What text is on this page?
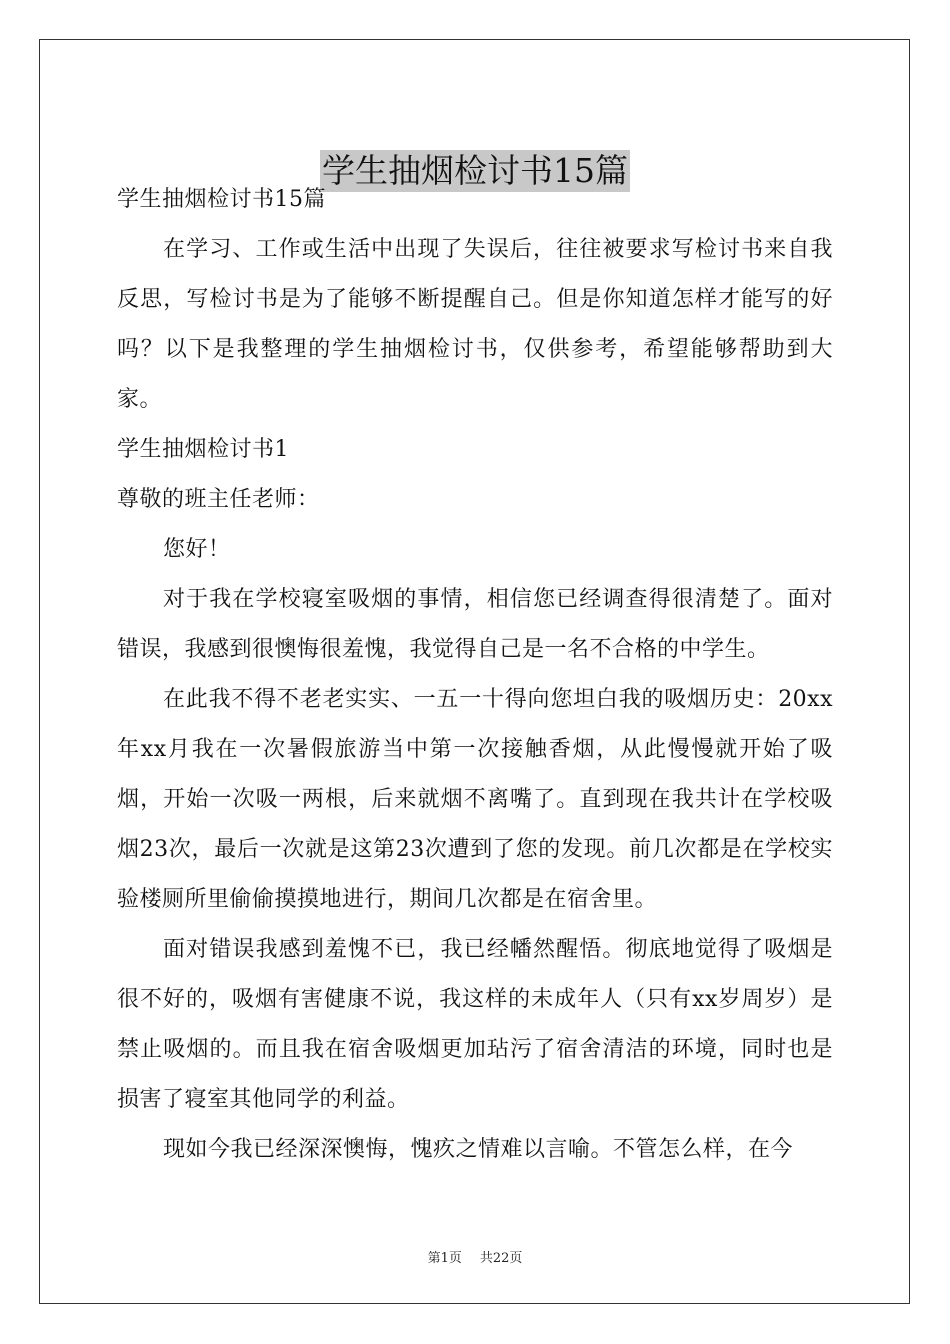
学生抽烟检讨书15篇

学生抽烟检讨书15篇

在学习、工作或生活中出现了失误后，往往被要求写检讨书来自我反思，写检讨书是为了能够不断提醒自己。但是你知道怎样才能写的好吗？以下是我整理的学生抽烟检讨书，仅供参考，希望能够帮助到大家。

学生抽烟检讨书1

尊敬的班主任老师：

您好！

对于我在学校寝室吸烟的事情，相信您已经调查得很清楚了。面对错误，我感到很懊悔很羞愧，我觉得自己是一名不合格的中学生。

在此我不得不老老实实、一五一十得向您坦白我的吸烟历史：20xx年xx月我在一次暑假旅游当中第一次接触香烟，从此慢慢就开始了吸烟，开始一次吸一两根，后来就烟不离嘴了。直到现在我共计在学校吸烟23次，最后一次就是这第23次遭到了您的发现。前几次都是在学校实验楼厕所里偷偷摸摸地进行，期间几次都是在宿舍里。

面对错误我感到羞愧不已，我已经幡然醒悟。彻底地觉得了吸烟是很不好的，吸烟有害健康不说，我这样的未成年人（只有xx岁周岁）是禁止吸烟的。而且我在宿舍吸烟更加玷污了宿舍清洁的环境，同时也是损害了寝室其他同学的利益。

现如今我已经深深懊悔，愧疚之情难以言喻。不管怎么样，在今

第1页 共22页
